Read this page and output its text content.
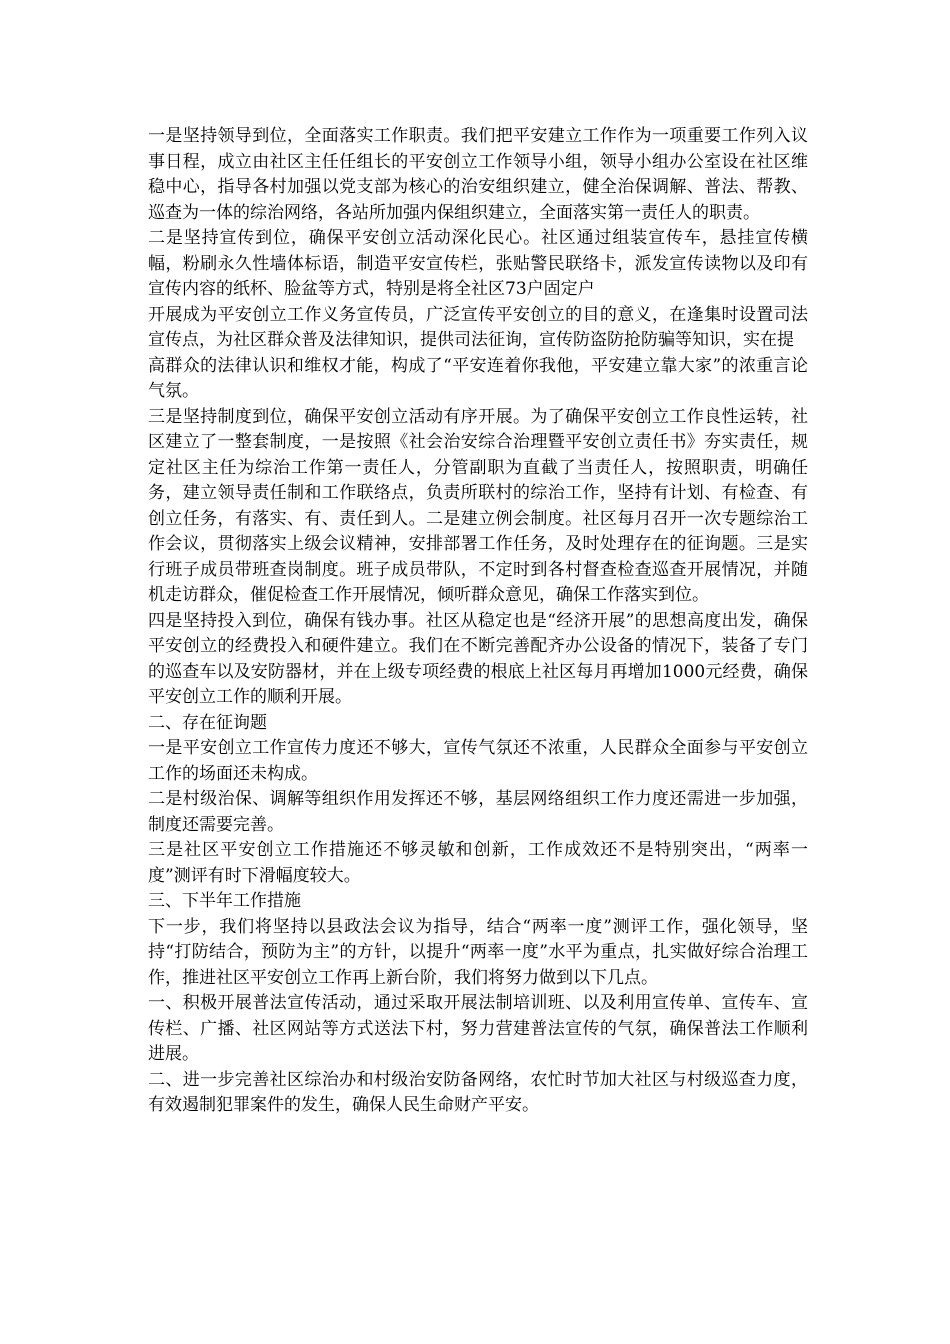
一是坚持领导到位，全面落实工作职责。我们把平安建立工作作为一项重要工作列入议事日程，成立由社区主任任组长的平安创立工作领导小组，领导小组办公室设在社区维稳中心，指导各村加强以党支部为核心的治安组织建立，健全治保调解、普法、帮教、巡查为一体的综治网络，各站所加强内保组织建立，全面落实第一责任人的职责。

二是坚持宣传到位，确保平安创立活动深化民心。社区通过组装宣传车，悬挂宣传横幅，粉刷永久性墙体标语，制造平安宣传栏，张贴警民联络卡，派发宣传读物以及印有宣传内容的纸杯、脸盆等方式，特别是将全社区73户固定户

开展成为平安创立工作义务宣传员，广泛宣传平安创立的目的意义，在逢集时设置司法宣传点，为社区群众普及法律知识，提供司法征询，宣传防盗防抢防骗等知识，实在提

高群众的法律认识和维权才能，构成了“平安连着你我他，平安建立靠大家”的浓重言论气氛。

三是坚持制度到位，确保平安创立活动有序开展。为了确保平安创立工作良性运转，社区建立了一整套制度，一是按照《社会治安综合治理暨平安创立责任书》夯实责任，规定社区主任为综治工作第一责任人，分管副职为直截了当责任人，按照职责，明确任务，建立领导责任制和工作联络点，负责所联村的综治工作，坚持有计划、有检查、有创立任务，有落实、有、责任到人。二是建立例会制度。社区每月召开一次专题综治工作会议，贯彻落实上级会议精神，安排部署工作任务，及时处理存在的征询题。三是实行班子成员带班查岗制度。班子成员带队，不定时到各村督查检查巡查开展情况，并随机走访群众，催促检查工作开展情况，倾听群众意见，确保工作落实到位。

四是坚持投入到位，确保有钱办事。社区从稳定也是“经济开展”的思想高度出发，确保平安创立的经费投入和硬件建立。我们在不断完善配齐办公设备的情况下，装备了专门的巡查车以及安防器材，并在上级专项经费的根底上社区每月再增加1000元经费，确保平安创立工作的顺利开展。

二、存在征询题

一是平安创立工作宣传力度还不够大，宣传气氛还不浓重，人民群众全面参与平安创立工作的场面还未构成。

二是村级治保、调解等组织作用发挥还不够，基层网络组织工作力度还需进一步加强，制度还需要完善。

三是社区平安创立工作措施还不够灵敏和创新，工作成效还不是特别突出，“两率一度”测评有时下滑幅度较大。

三、下半年工作措施

下一步，我们将坚持以县政法会议为指导，结合“两率一度”测评工作，强化领导，坚持“打防结合，预防为主”的方针，以提升“两率一度”水平为重点，扎实做好综合治理工作，推进社区平安创立工作再上新台阶，我们将努力做到以下几点。

一、积极开展普法宣传活动，通过采取开展法制培训班、以及利用宣传单、宣传车、宣传栏、广播、社区网站等方式送法下村，努力营建普法宣传的气氛，确保普法工作顺利进展。

二、进一步完善社区综治办和村级治安防备网络，农忙时节加大社区与村级巡查力度，有效遏制犯罪案件的发生，确保人民生命财产平安。
